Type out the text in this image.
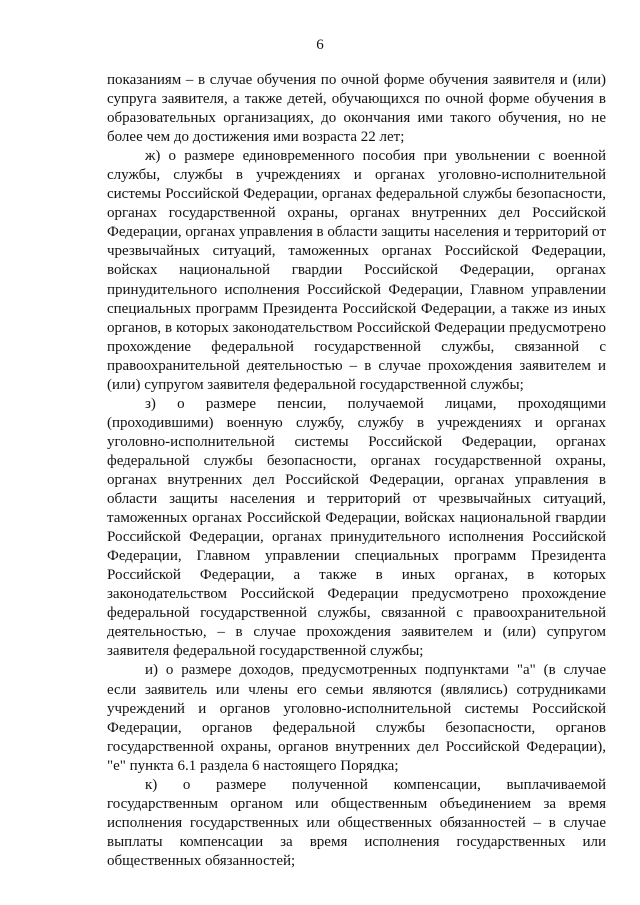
6

показаниям – в случае обучения по очной форме обучения заявителя и (или) супруга заявителя, а также детей, обучающихся по очной форме обучения в образовательных организациях, до окончания ими такого обучения, но не более чем до достижения ими возраста 22 лет;

ж) о размере единовременного пособия при увольнении с военной службы, службы в учреждениях и органах уголовно-исполнительной системы Российской Федерации, органах федеральной службы безопасности, органах государственной охраны, органах внутренних дел Российской Федерации, органах управления в области защиты населения и территорий от чрезвычайных ситуаций, таможенных органах Российской Федерации, войсках национальной гвардии Российской Федерации, органах принудительного исполнения Российской Федерации, Главном управлении специальных программ Президента Российской Федерации, а также из иных органов, в которых законодательством Российской Федерации предусмотрено прохождение федеральной государственной службы, связанной с правоохранительной деятельностью – в случае прохождения заявителем и (или) супругом заявителя федеральной государственной службы;

з) о размере пенсии, получаемой лицами, проходящими (проходившими) военную службу, службу в учреждениях и органах уголовно-исполнительной системы Российской Федерации, органах федеральной службы безопасности, органах государственной охраны, органах внутренних дел Российской Федерации, органах управления в области защиты населения и территорий от чрезвычайных ситуаций, таможенных органах Российской Федерации, войсках национальной гвардии Российской Федерации, органах принудительного исполнения Российской Федерации, Главном управлении специальных программ Президента Российской Федерации, а также в иных органах, в которых законодательством Российской Федерации предусмотрено прохождение федеральной государственной службы, связанной с правоохранительной деятельностью, – в случае прохождения заявителем и (или) супругом заявителя федеральной государственной службы;

и) о размере доходов, предусмотренных подпунктами "а" (в случае если заявитель или члены его семьи являются (являлись) сотрудниками учреждений и органов уголовно-исполнительной системы Российской Федерации, органов федеральной службы безопасности, органов государственной охраны, органов внутренних дел Российской Федерации), "е" пункта 6.1 раздела 6 настоящего Порядка;

к) о размере полученной компенсации, выплачиваемой государственным органом или общественным объединением за время исполнения государственных или общественных обязанностей – в случае выплаты компенсации за время исполнения государственных или общественных обязанностей;
